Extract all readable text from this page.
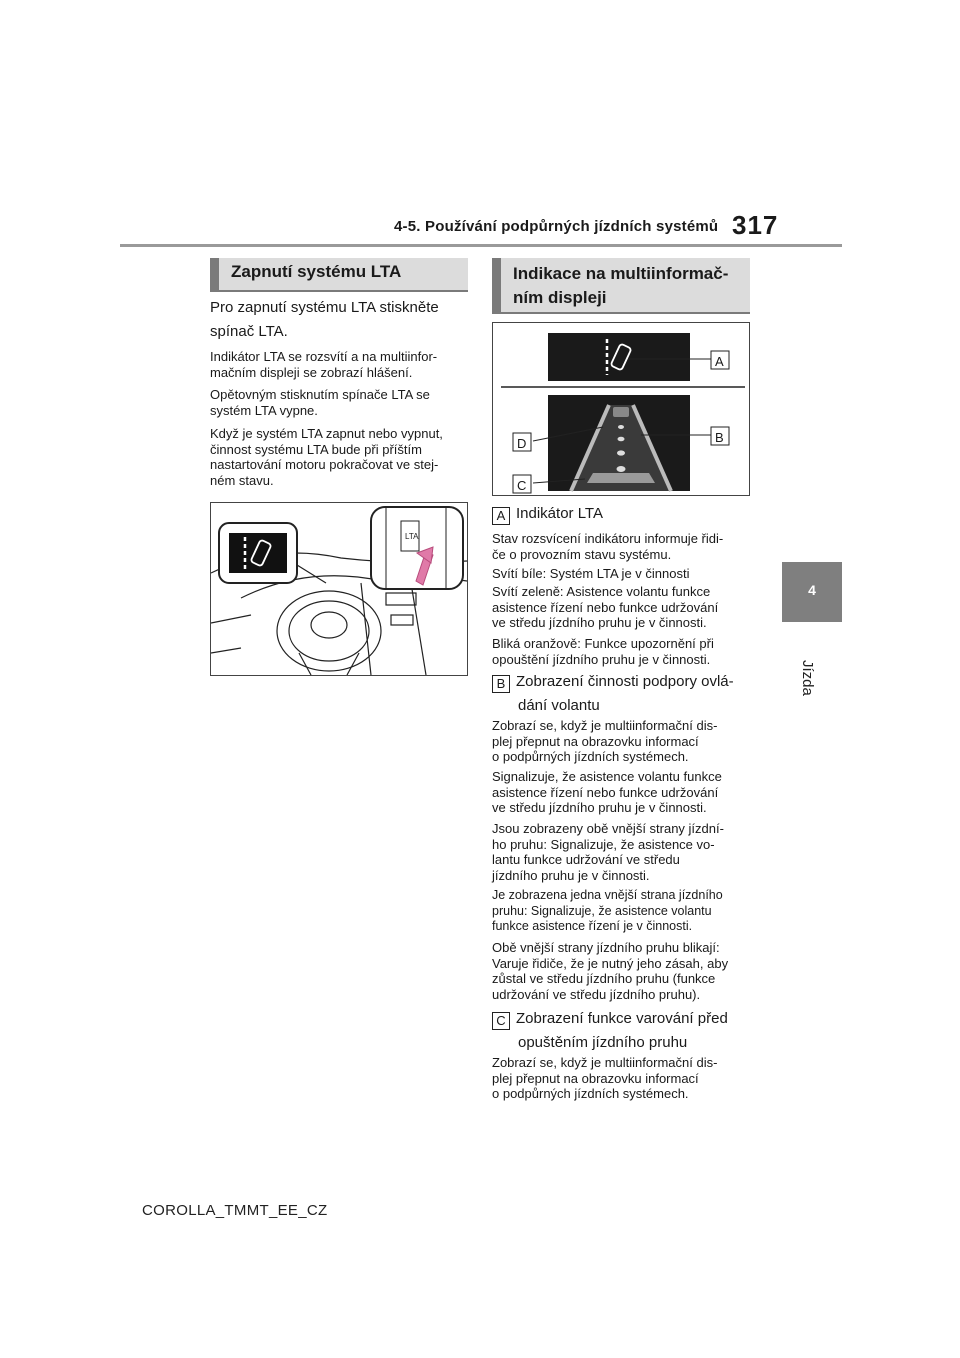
4-5. Používání podpůrných jízdních systémů 317
4
Jízda
Zapnutí systému LTA
Pro zapnutí systému LTA stiskněte
spínač LTA.
Indikátor LTA se rozsvítí a na multiinfor-
mačním displeji se zobrazí hlášení.
Opětovným stisknutím spínače LTA se
systém LTA vypne.
Když je systém LTA zapnut nebo vypnut,
činnost systému LTA bude při příštím
nastartování motoru pokračovat ve stej-
ném stavu.
LTA
Indikace na multiinformač-
ním displeji
A
B
D
C
A Indikátor LTA
Stav rozsvícení indikátoru informuje řidi-
če o provozním stavu systému.
Svítí bíle: Systém LTA je v činnosti
Svítí zeleně: Asistence volantu funkce
asistence řízení nebo funkce udržování
ve středu jízdního pruhu je v činnosti.
Bliká oranžově: Funkce upozornění při
opouštění jízdního pruhu je v činnosti.
B Zobrazení činnosti podpory ovlá-
dání volantu
Zobrazí se, když je multiinformační dis-
plej přepnut na obrazovku informací
o podpůrných jízdních systémech.
Signalizuje, že asistence volantu funkce
asistence řízení nebo funkce udržování
ve středu jízdního pruhu je v činnosti.
Jsou zobrazeny obě vnější strany jízdní-
ho pruhu: Signalizuje, že asistence vo-
lantu funkce udržování ve středu
jízdního pruhu je v činnosti.
Je zobrazena jedna vnější strana jízdního
pruhu: Signalizuje, že asistence volantu
funkce asistence řízení je v činnosti.
Obě vnější strany jízdního pruhu blikají:
Varuje řidiče, že je nutný jeho zásah, aby
zůstal ve středu jízdního pruhu (funkce
udržování ve středu jízdního pruhu).
C Zobrazení funkce varování před
opuštěním jízdního pruhu
Zobrazí se, když je multiinformační dis-
plej přepnut na obrazovku informací
o podpůrných jízdních systémech.
COROLLA_TMMT_EE_CZ
